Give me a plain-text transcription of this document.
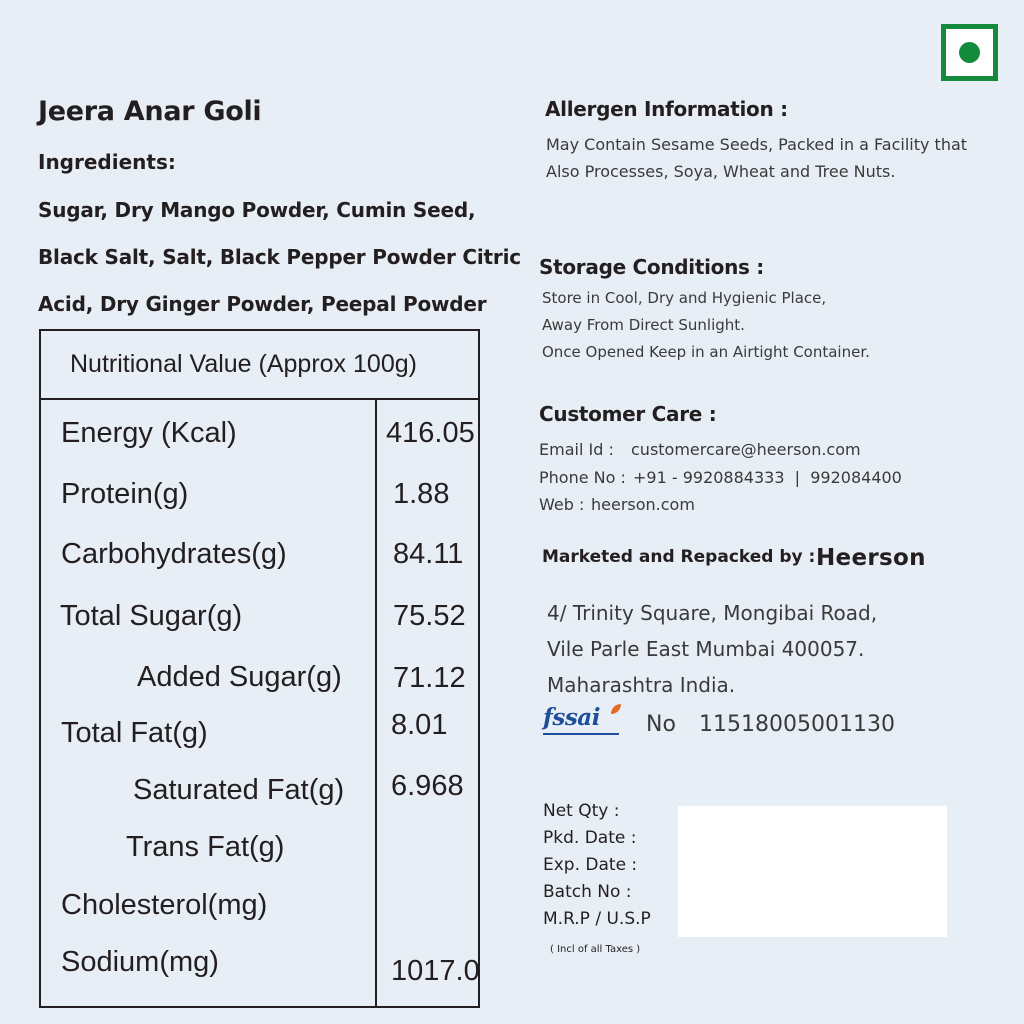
Jeera Anar Goli
Ingredients:
Sugar, Dry Mango Powder, Cumin Seed,
Black Salt, Salt, Black Pepper Powder Citric
Acid, Dry Ginger Powder, Peepal Powder
Nutritional Value (Approx 100g)
Energy (Kcal)	416.05
Protein(g)	1.88
Carbohydrates(g)	84.11
Total Sugar(g)	75.52
Added Sugar(g) 71.12
Total Fat(g)	8.01
Saturated Fat(g) 6.968
Trans Fat(g)
Cholesterol(mg)
Sodium(mg)	1017.0
Allergen Information :
May Contain Sesame Seeds, Packed in a Facility that
Also Processes, Soya, Wheat and Tree Nuts.
Storage Conditions :
Store in Cool, Dry and Hygienic Place,
Away From Direct Sunlight.
Once Opened Keep in an Airtight Container.
Customer Care :
Email Id : customercare@heerson.com
Phone No : +91 - 9920884333  |  992084400
Web : heerson.com
Marketed and Repacked by : Heerson
4/ Trinity Square, Mongibai Road,
Vile Parle East Mumbai 400057.
Maharashtra India.
fssai No 11518005001130
Net Qty :
Pkd. Date :
Exp. Date :
Batch No :
M.R.P / U.S.P
( Incl of all Taxes )
